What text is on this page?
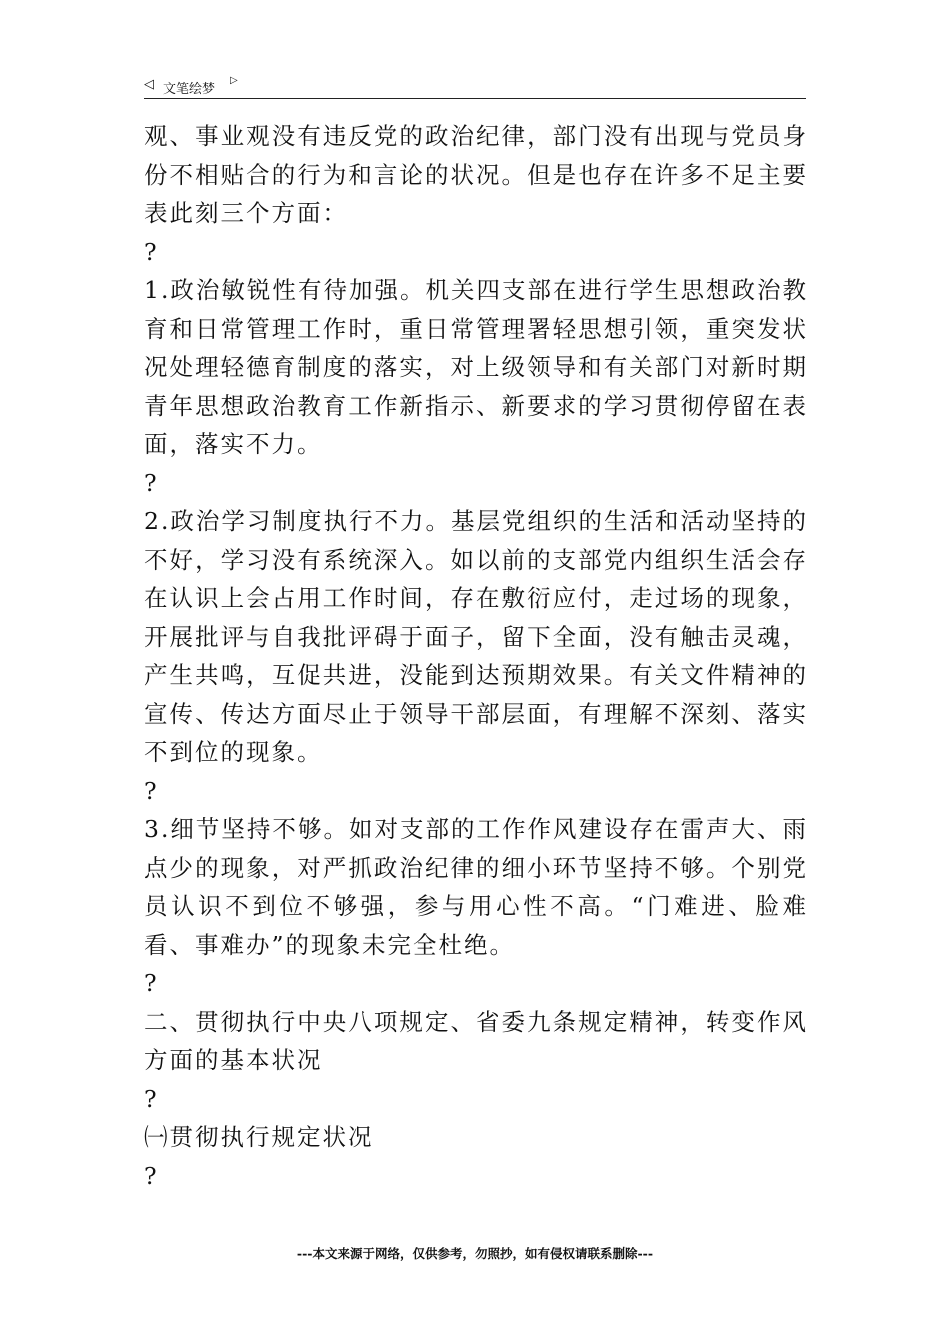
◁ 文笔绘梦
▷

观、事业观没有违反党的政治纪律，部门没有出现与党员身份不相贴合的行为和言论的状况。但是也存在许多不足主要表此刻三个方面：

?

1.政治敏锐性有待加强。机关四支部在进行学生思想政治教育和日常管理工作时，重日常管理署轻思想引领，重突发状况处理轻德育制度的落实，对上级领导和有关部门对新时期青年思想政治教育工作新指示、新要求的学习贯彻停留在表面，落实不力。

?

2.政治学习制度执行不力。基层党组织的生活和活动坚持的不好，学习没有系统深入。如以前的支部党内组织生活会存在认识上会占用工作时间，存在敷衍应付，走过场的现象，开展批评与自我批评碍于面子，留下全面，没有触击灵魂，产生共鸣，互促共进，没能到达预期效果。有关文件精神的宣传、传达方面尽止于领导干部层面，有理解不深刻、落实不到位的现象。

?

3.细节坚持不够。如对支部的工作作风建设存在雷声大、雨点少的现象，对严抓政治纪律的细小环节坚持不够。个别党员认识不到位不够强，参与用心性不高。“门难进、脸难看、事难办”的现象未完全杜绝。

?

二、贯彻执行中央八项规定、省委九条规定精神，转变作风方面的基本状况

?

㈠贯彻执行规定状况

?

---本文来源于网络，仅供参考，勿照抄，如有侵权请联系删除---
